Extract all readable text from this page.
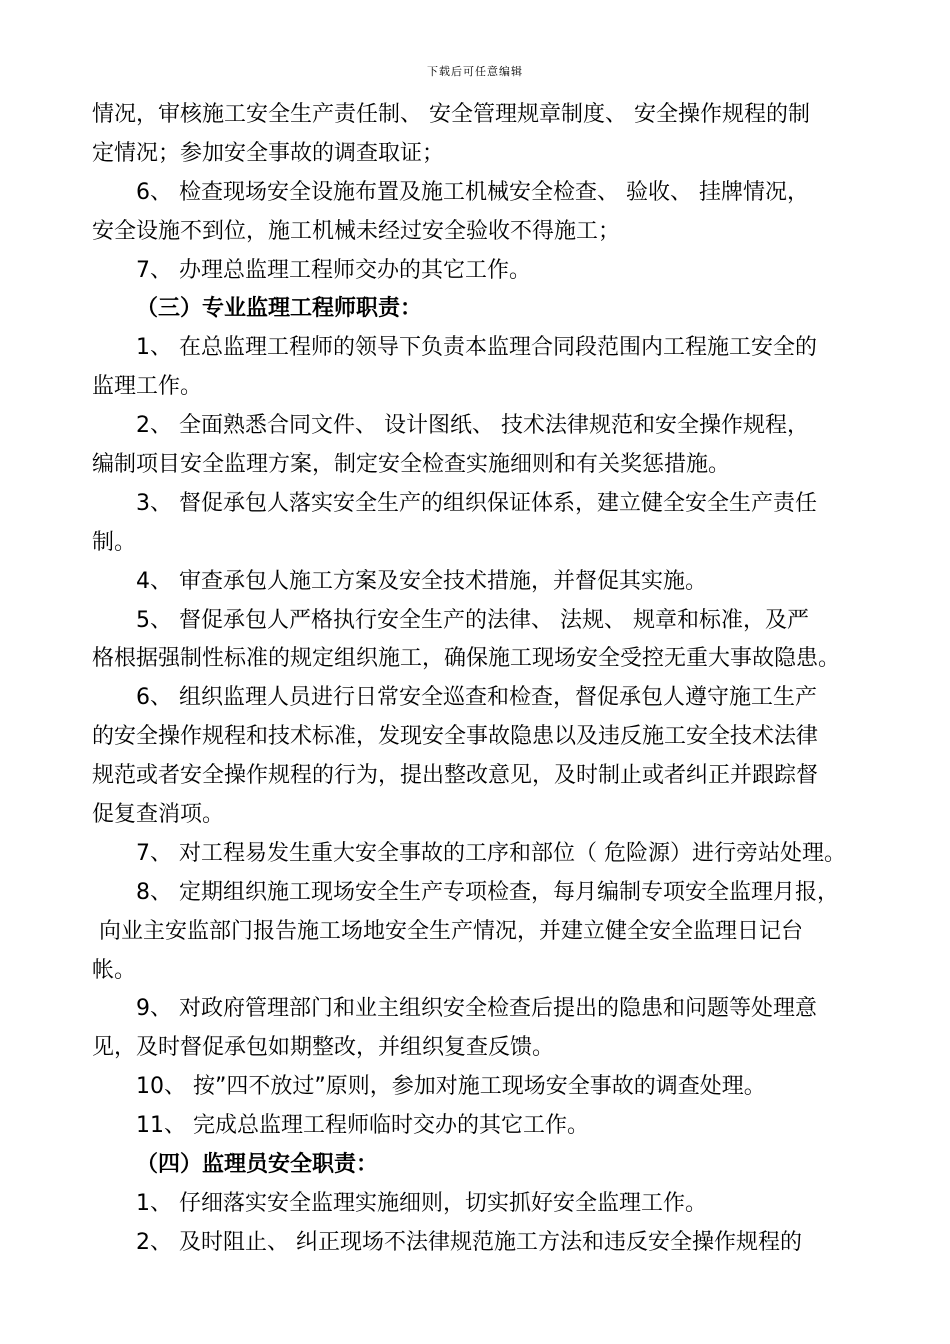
下载后可任意编辑
情况，审核施工安全生产责任制、 安全管理规章制度、 安全操作规程的制
定情况；参加安全事故的调查取证；
6、 检查现场安全设施布置及施工机械安全检查、 验收、 挂牌情况，
安全设施不到位，施工机械未经过安全验收不得施工；
7、 办理总监理工程师交办的其它工作。
（三）专业监理工程师职责：
1、 在总监理工程师的领导下负责本监理合同段范围内工程施工安全的
监理工作。
2、 全面熟悉合同文件、 设计图纸、 技术法律规范和安全操作规程，
编制项目安全监理方案，制定安全检查实施细则和有关奖惩措施。
3、 督促承包人落实安全生产的组织保证体系，建立健全安全生产责任
制。
4、 审查承包人施工方案及安全技术措施，并督促其实施。
5、 督促承包人严格执行安全生产的法律、 法规、 规章和标准，及严
格根据强制性标准的规定组织施工，确保施工现场安全受控无重大事故隐患。
6、 组织监理人员进行日常安全巡查和检查，督促承包人遵守施工生产
的安全操作规程和技术标准，发现安全事故隐患以及违反施工安全技术法律
规范或者安全操作规程的行为，提出整改意见，及时制止或者纠正并跟踪督
促复查消项。
7、 对工程易发生重大安全事故的工序和部位（ 危险源）进行旁站处理。
8、 定期组织施工现场安全生产专项检查，每月编制专项安全监理月报，
向业主安监部门报告施工场地安全生产情况，并建立健全安全监理日记台
帐。
9、 对政府管理部门和业主组织安全检查后提出的隐患和问题等处理意
见，及时督促承包如期整改，并组织复查反馈。
10、 按”四不放过”原则，参加对施工现场安全事故的调查处理。
11、 完成总监理工程师临时交办的其它工作。
（四）监理员安全职责：
1、 仔细落实安全监理实施细则，切实抓好安全监理工作。
2、 及时阻止、 纠正现场不法律规范施工方法和违反安全操作规程的
